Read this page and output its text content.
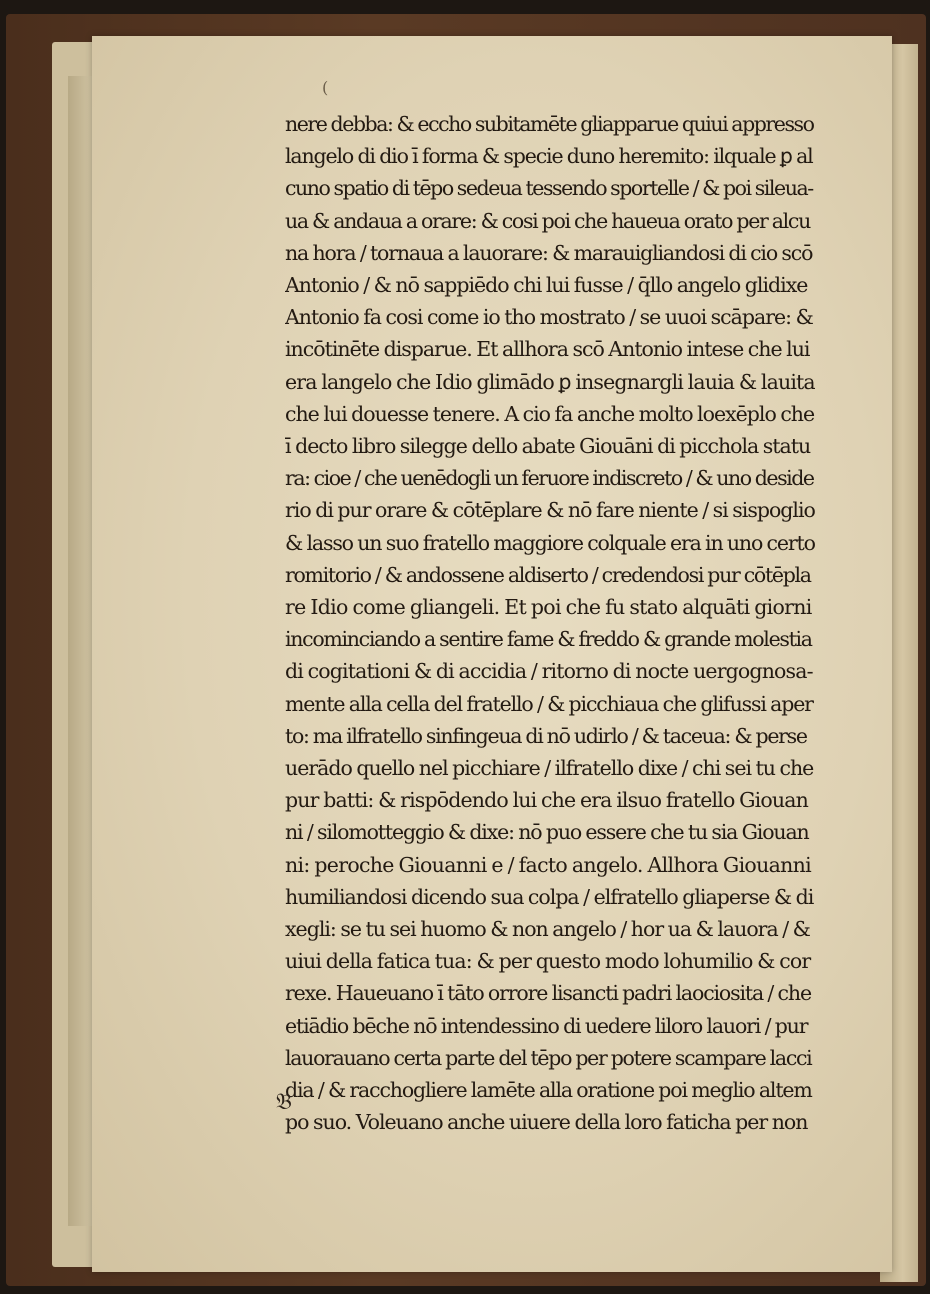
(
nere debba: & eccho subitamēte gliapparue quiui appresso
langelo di dio ī forma & specie duno heremito: ilquale ꝑ al
cuno spatio di tēpo sedeua tessendo sportelle / & poi sileua-
ua & andaua a orare: & cosi poi che haueua orato per alcu
na hora / tornaua a lauorare: & marauigliandosi di cio scō
Antonio / & nō sappiēdo chi lui fusse / q̄llo angelo glidixe
Antonio fa cosi come io tho mostrato / se uuoi scāpare: &
incōtinēte disparue. Et allhora scō Antonio intese che lui
era langelo che Idio glimādo ꝑ insegnargli lauia & lauita
che lui douesse tenere. A cio fa anche molto loexēplo che
ī decto libro silegge dello abate Giouāni di picchola statu
ra: cioe / che uenēdogli un feruore indiscreto / & uno deside
rio di pur orare & cōtēplare & nō fare niente / si sispoglio
& lasso un suo fratello maggiore colquale era in uno certo
romitorio / & andossene aldiserto / credendosi pur cōtēpla
re Idio come gliangeli. Et poi che fu stato alquāti giorni
incominciando a sentire fame & freddo & grande molestia
di cogitationi & di accidia / ritorno di nocte uergognosa-
mente alla cella del fratello / & picchiaua che glifussi aper
to: ma ilfratello sinfingeua di nō udirlo / & taceua: & perse
uerādo quello nel picchiare / ilfratello dixe / chi sei tu che
pur batti: & rispōdendo lui che era ilsuo fratello Giouan
ni / silomotteggio & dixe: nō puo essere che tu sia Giouan
ni: peroche Giouanni e / facto angelo. Allhora Giouanni
humiliandosi dicendo sua colpa / elfratello gliaperse & di
xegli: se tu sei huomo & non angelo / hor ua & lauora / &
uiui della fatica tua: & per questo modo lohumilio & cor
rexe. Haueuano ī tāto orrore lisancti padri laociosita / che
etiādio bēche nō intendessino di uedere liloro lauori / pur
lauorauano certa parte del tēpo per potere scampare lacci
dia / & racchogliere lamēte alla oratione poi meglio altem
po suo. Voleuano anche uiuere della loro faticha per non
𝔅
